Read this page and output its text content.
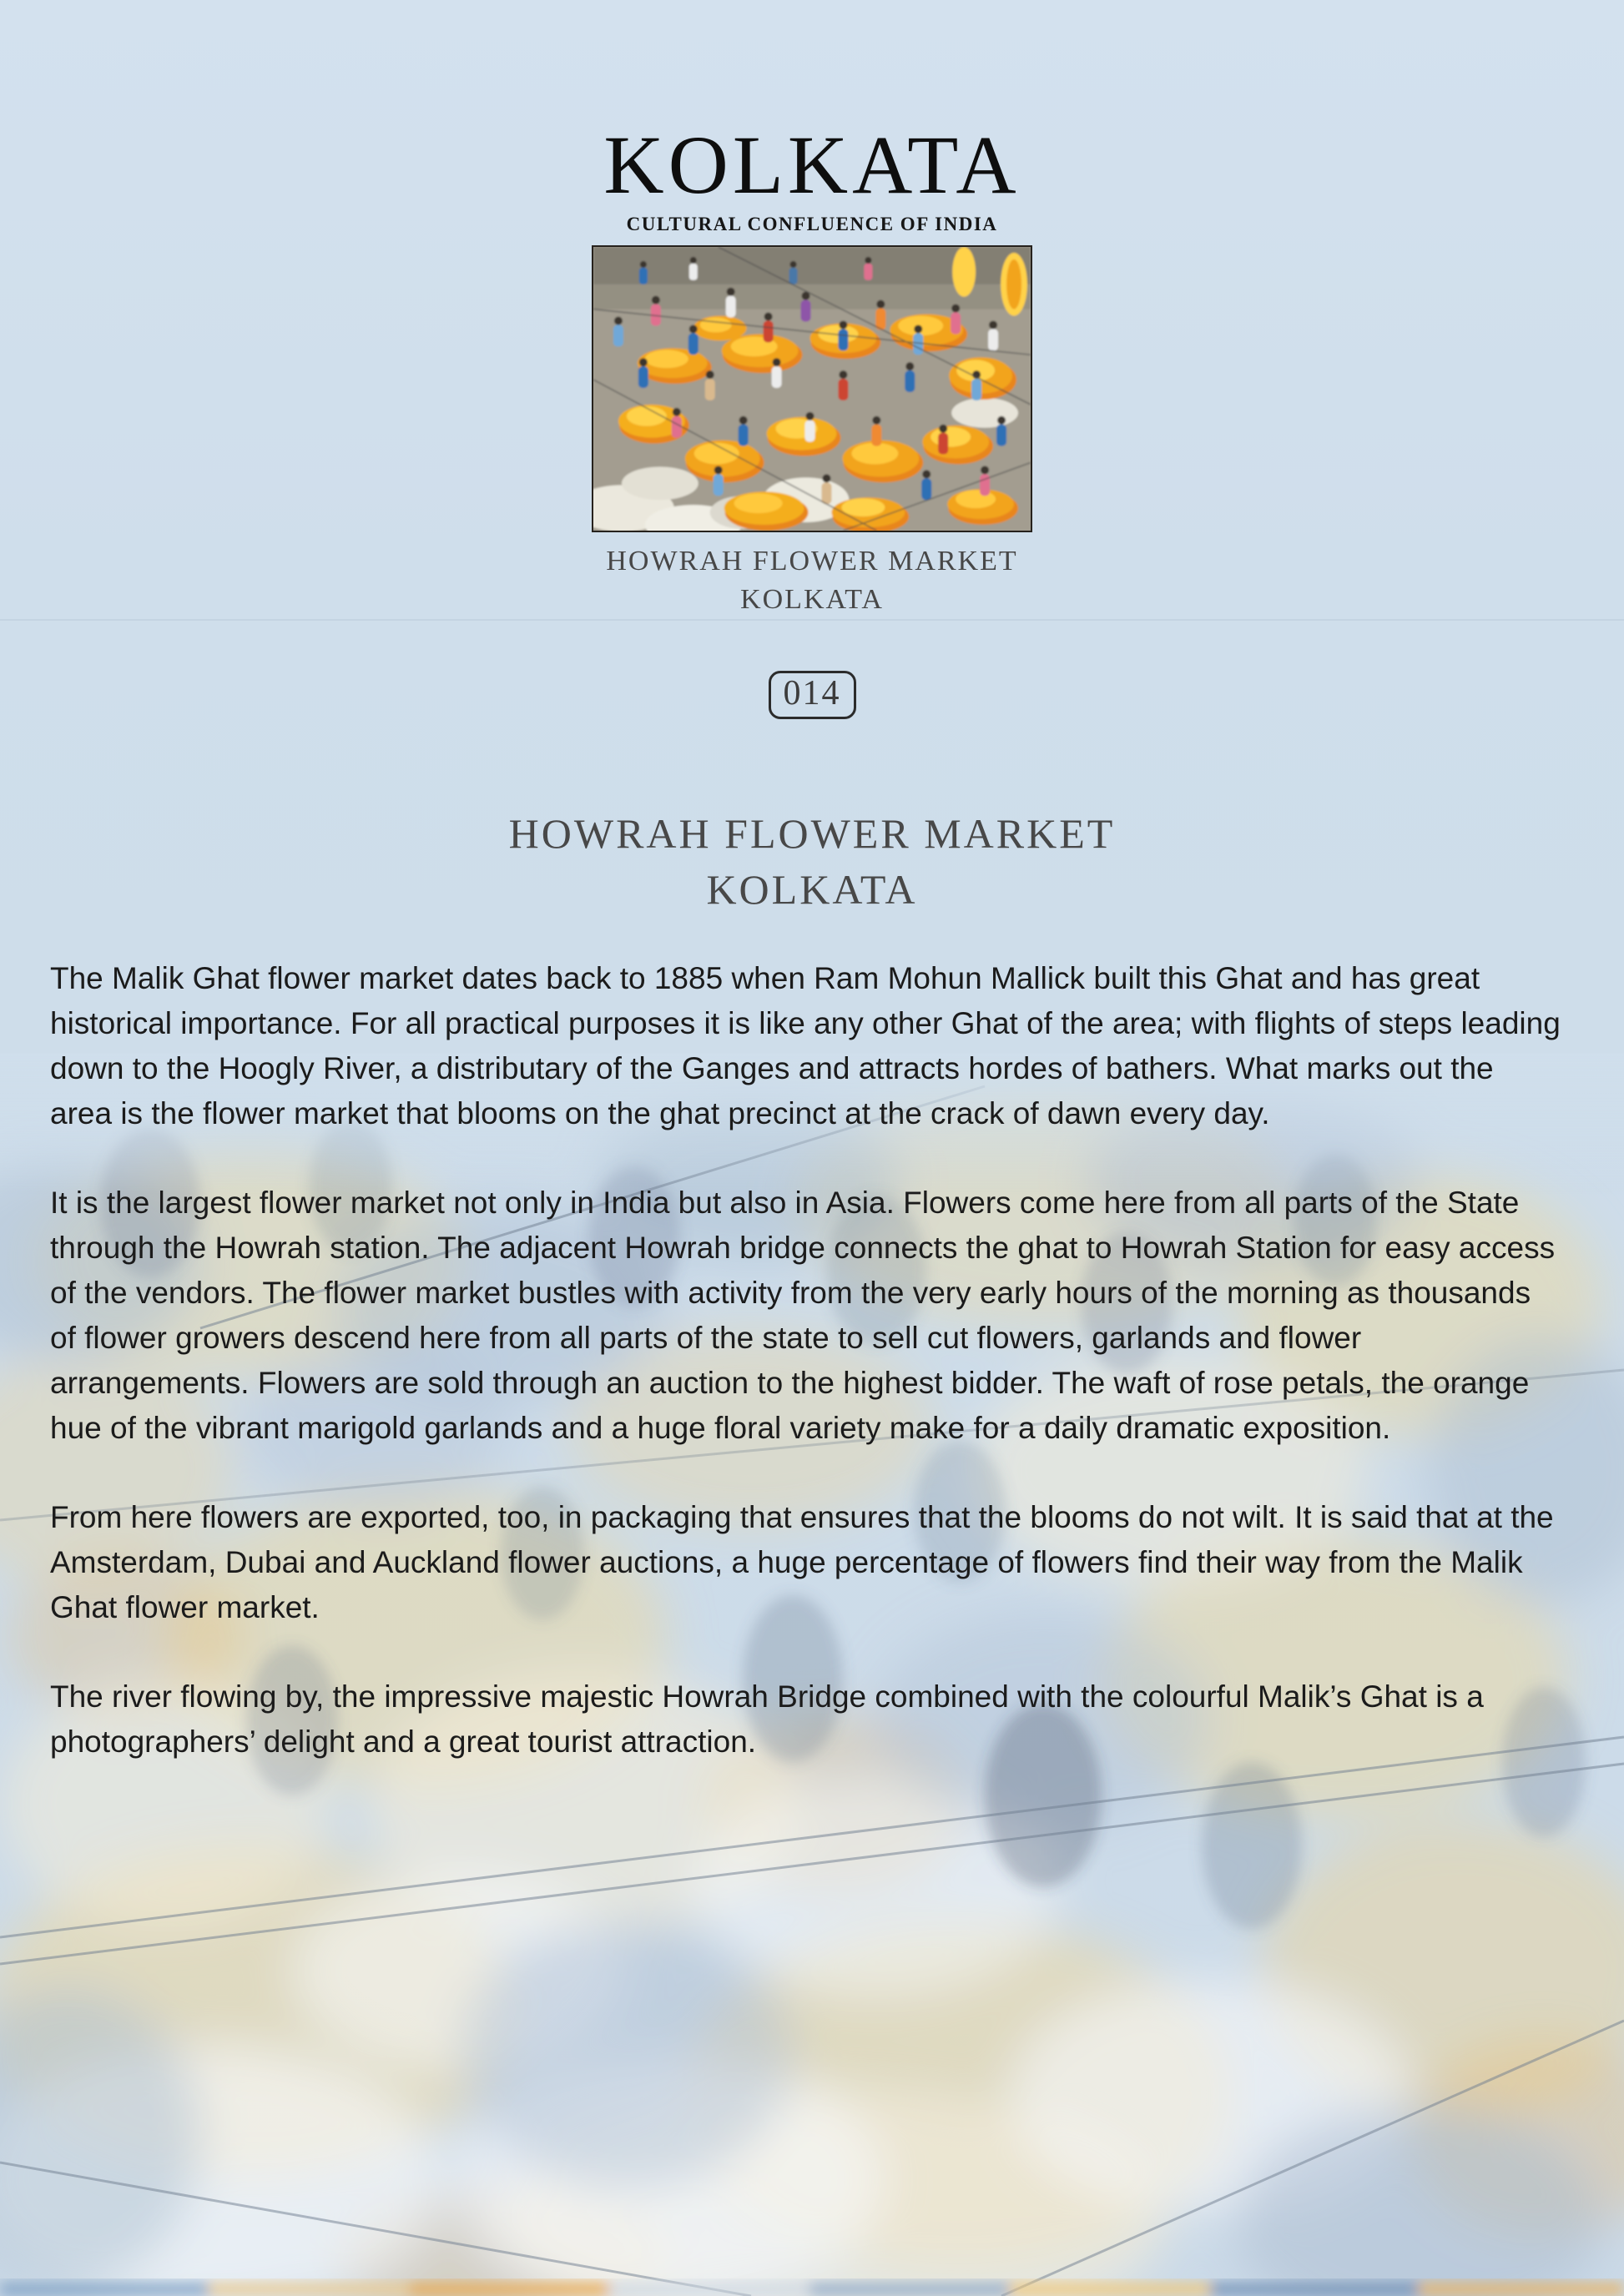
KOLKATA
CULTURAL CONFLUENCE OF INDIA
HOWRAH FLOWER MARKET
KOLKATA
014
HOWRAH FLOWER MARKET
KOLKATA

The Malik Ghat flower market dates back to 1885 when Ram Mohun Mallick built this Ghat and has great historical importance. For all practical purposes it is like any other Ghat of the area; with flights of steps leading down to the Hoogly River, a distributary of the Ganges and attracts hordes of bathers. What marks out the area is the flower market that blooms on the ghat precinct at the crack of dawn every day.

It is the largest flower market not only in India but also in Asia. Flowers come here from all parts of the State through the Howrah station. The adjacent Howrah bridge connects the ghat to Howrah Station for easy access of the vendors. The flower market bustles with activity from the very early hours of the morning as thousands of flower growers descend here from all parts of the state to sell cut flowers, garlands and flower arrangements. Flowers are sold through an auction to the highest bidder. The waft of rose petals, the orange hue of the vibrant marigold garlands and a huge floral variety make for a daily dramatic exposition.

From here flowers are exported, too, in packaging that ensures that the blooms do not wilt. It is said that at the Amsterdam, Dubai and Auckland flower auctions, a huge percentage of flowers find their way from the Malik Ghat flower market.

The river flowing by, the impressive majestic Howrah Bridge combined with the colourful Malik’s Ghat is a photographers’ delight and a great tourist attraction.
